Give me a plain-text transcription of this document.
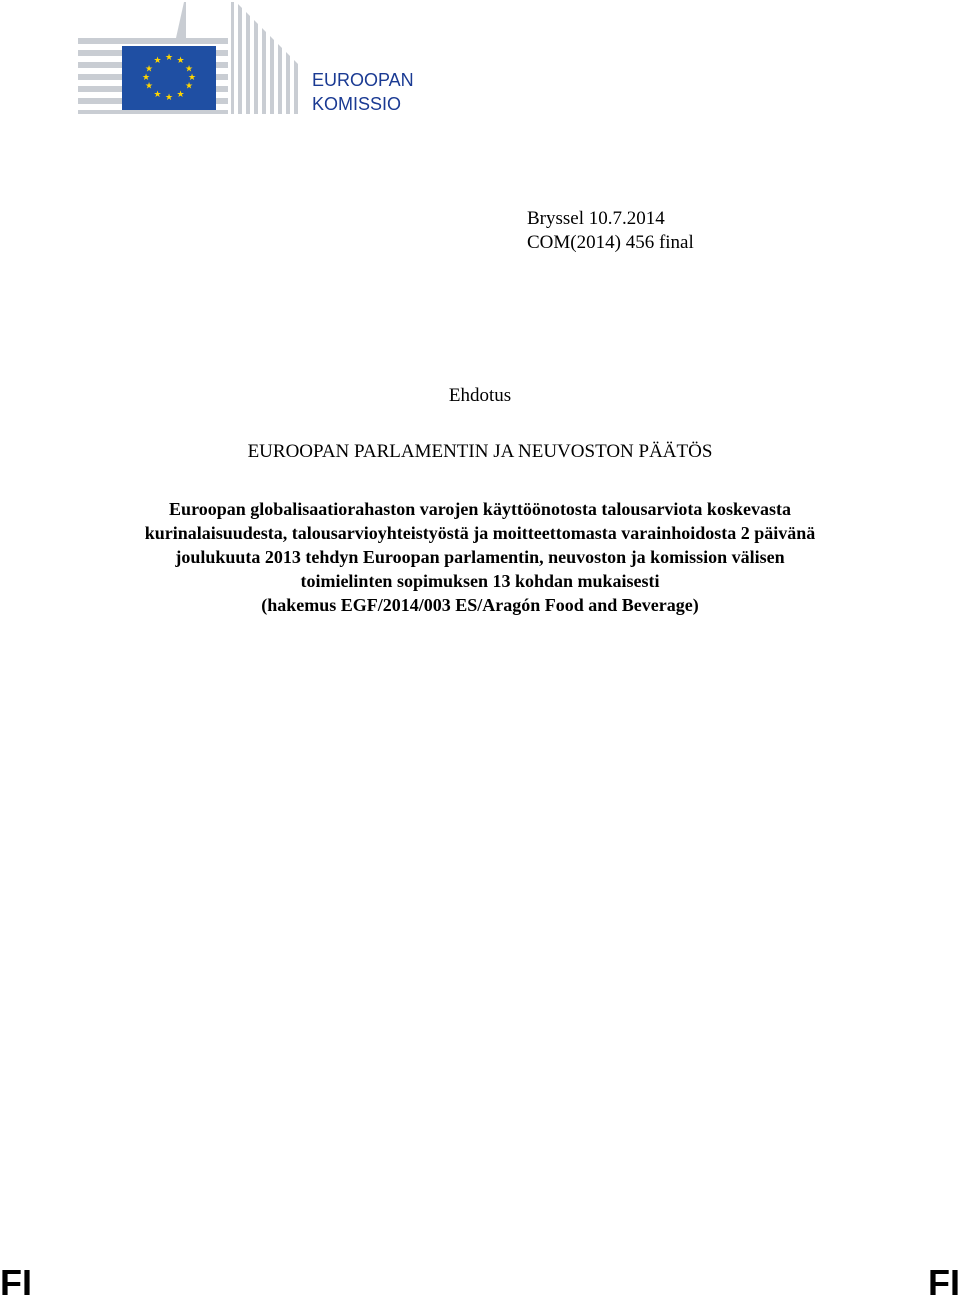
★ ★
★
★
★
★
★
★
★
★
★
★
EUROOPAN
KOMISSIO
Bryssel 10.7.2014
COM(2014) 456 final
Ehdotus
EUROOPAN PARLAMENTIN JA NEUVOSTON PÄÄTÖS
Euroopan globalisaatiorahaston varojen käyttöönotosta talousarviota koskevasta
kurinalaisuudesta, talousarvioyhteistyöstä ja moitteettomasta varainhoidosta 2 päivänä
joulukuuta 2013 tehdyn Euroopan parlamentin, neuvoston ja komission välisen
toimielinten sopimuksen 13 kohdan mukaisesti
(hakemus EGF/2014/003 ES/Aragón Food and Beverage)
FI	FI
